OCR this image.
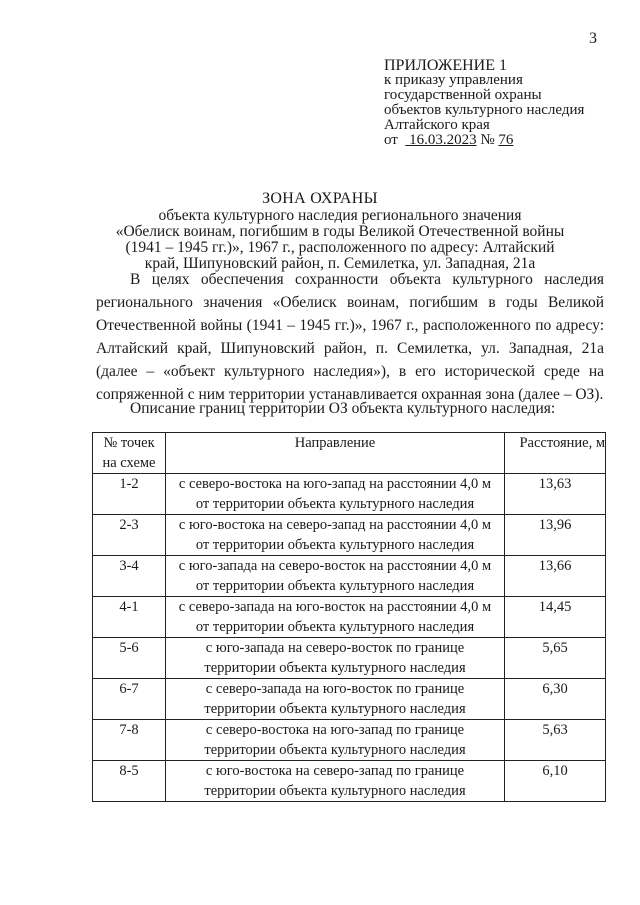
3
ПРИЛОЖЕНИЕ 1
к приказу управления
государственной охраны
объектов культурного наследия
Алтайского края
от 16.03.2023 № 76
ЗОНА ОХРАНЫ
объекта культурного наследия регионального значения
«Обелиск воинам, погибшим в годы Великой Отечественной войны
(1941 – 1945 гг.)», 1967 г., расположенного по адресу: Алтайский
край, Шипуновский район, п. Семилетка, ул. Западная, 21а
В целях обеспечения сохранности объекта культурного наследия регионального значения «Обелиск воинам, погибшим в годы Великой Отечественной войны (1941 – 1945 гг.)», 1967 г., расположенного по адресу: Алтайский край, Шипуновский район, п. Семилетка, ул. Западная, 21а (далее – «объект культурного наследия»), в его исторической среде на сопряженной с ним территории устанавливается охранная зона (далее – ОЗ).
Описание границ территории ОЗ объекта культурного наследия:
№ точек
на схеме	Направление	Расстояние, м
1-2	с северо-востока на юго-запад на расстоянии 4,0 м
от территории объекта культурного наследия	13,63
2-3	с юго-востока на северо-запад на расстоянии 4,0 м
от территории объекта культурного наследия	13,96
3-4	с юго-запада на северо-восток на расстоянии 4,0 м
от территории объекта культурного наследия	13,66
4-1	с северо-запада на юго-восток на расстоянии 4,0 м
от территории объекта культурного наследия	14,45
5-6	с юго-запада на северо-восток по границе
территории объекта культурного наследия	5,65
6-7	с северо-запада на юго-восток по границе
территории объекта культурного наследия	6,30
7-8	с северо-востока на юго-запад по границе
территории объекта культурного наследия	5,63
8-5	с юго-востока на северо-запад по границе
территории объекта культурного наследия	6,10
